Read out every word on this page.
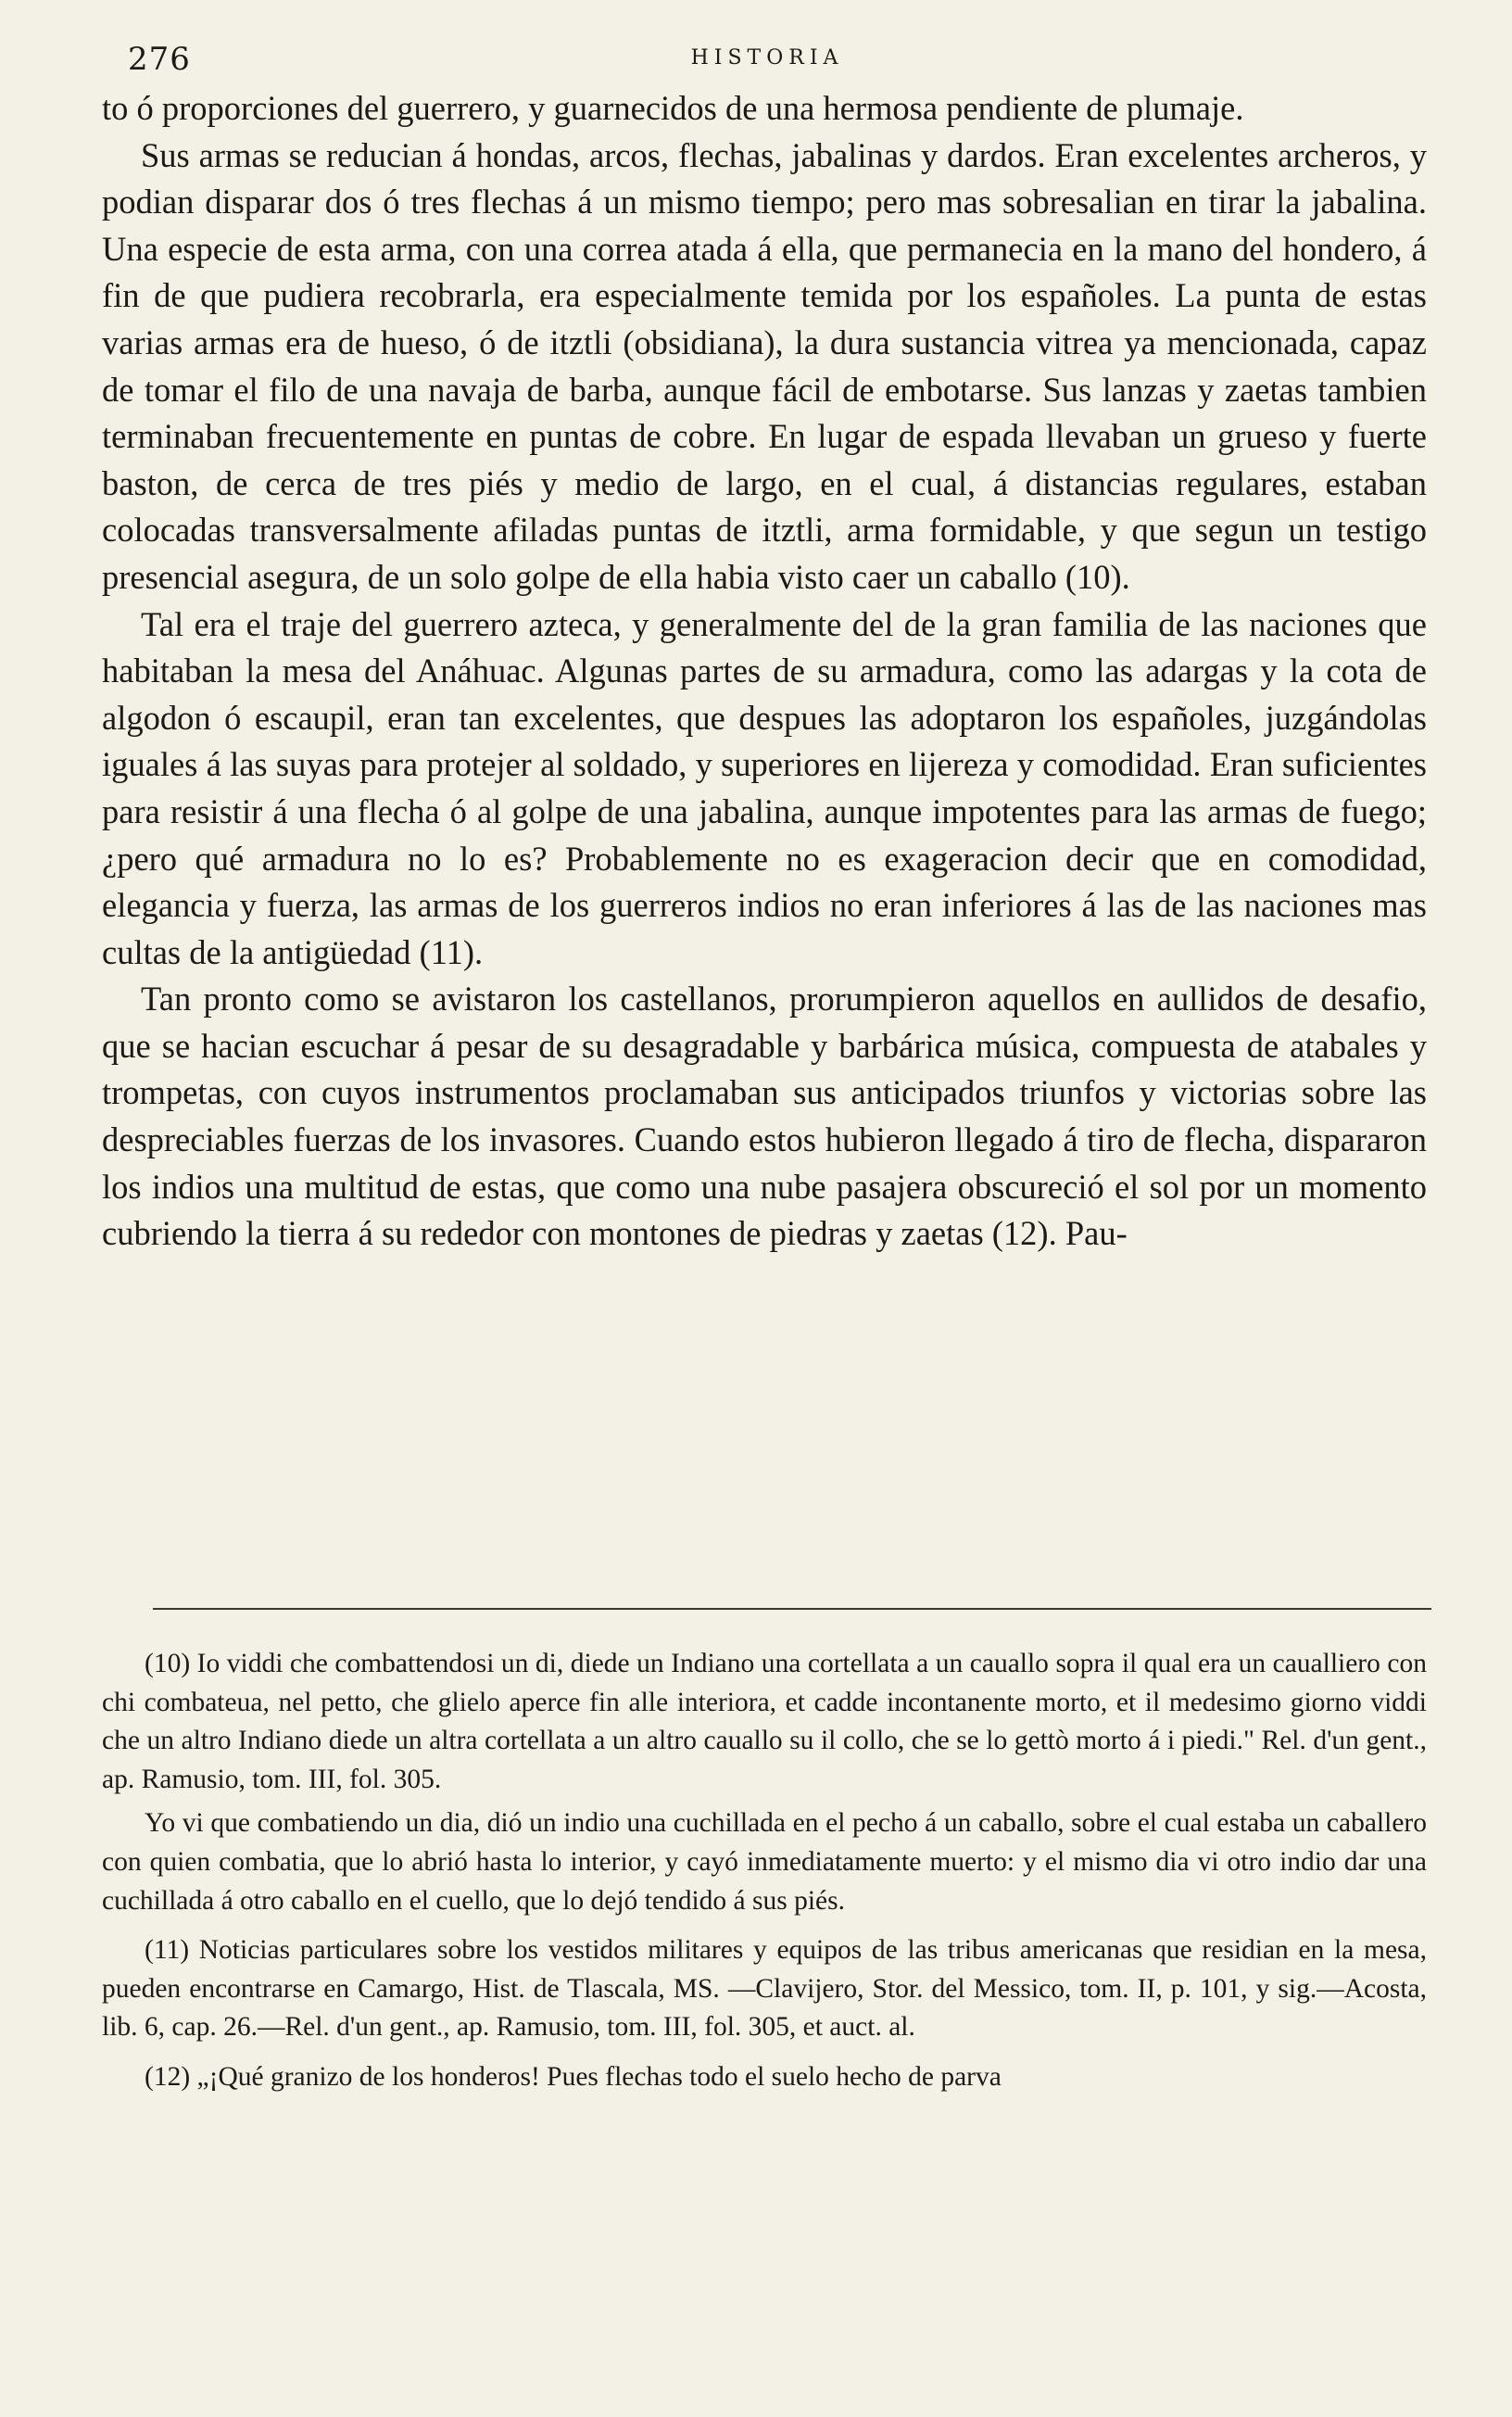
276	HISTORIA

to ó proporciones del guerrero, y guarnecidos de una hermosa pendiente de plumaje.

Sus armas se reducian á hondas, arcos, flechas, jabalinas y dardos. Eran excelentes archeros, y podian disparar dos ó tres flechas á un mismo tiempo; pero mas sobresalian en tirar la jabalina. Una especie de esta arma, con una correa atada á ella, que permanecia en la mano del hondero, á fin de que pudiera recobrarla, era especialmente temida por los españoles. La punta de estas varias armas era de hueso, ó de itztli (obsidiana), la dura sustancia vitrea ya mencionada, capaz de tomar el filo de una navaja de barba, aunque fácil de embotarse. Sus lanzas y zaetas tambien terminaban frecuentemente en puntas de cobre. En lugar de espada llevaban un grueso y fuerte baston, de cerca de tres piés y medio de largo, en el cual, á distancias regulares, estaban colocadas transversalmente afiladas puntas de itztli, arma formidable, y que segun un testigo presencial asegura, de un solo golpe de ella habia visto caer un caballo (10).

Tal era el traje del guerrero azteca, y generalmente del de la gran familia de las naciones que habitaban la mesa del Anáhuac. Algunas partes de su armadura, como las adargas y la cota de algodon ó escaupil, eran tan excelentes, que despues las adoptaron los españoles, juzgándolas iguales á las suyas para protejer al soldado, y superiores en lijereza y comodidad. Eran suficientes para resistir á una flecha ó al golpe de una jabalina, aunque impotentes para las armas de fuego; ¿pero qué armadura no lo es? Probablemente no es exageracion decir que en comodidad, elegancia y fuerza, las armas de los guerreros indios no eran inferiores á las de las naciones mas cultas de la antigüedad (11).

Tan pronto como se avistaron los castellanos, prorumpieron aquellos en aullidos de desafio, que se hacian escuchar á pesar de su desagradable y barbárica música, compuesta de atabales y trompetas, con cuyos instrumentos proclamaban sus anticipados triunfos y victorias sobre las despreciables fuerzas de los invasores. Cuando estos hubieron llegado á tiro de flecha, dispararon los indios una multitud de estas, que como una nube pasajera obscureció el sol por un momento cubriendo la tierra á su rededor con montones de piedras y zaetas (12). Pau-

(10) Io viddi che combattendosi un di, diede un Indiano una cortellata a un cauallo sopra il qual era un caualliero con chi combateua, nel petto, che glielo aperce fin alle interiora, et cadde incontanente morto, et il medesimo giorno viddi che un altro Indiano diede un altra cortellata a un altro cauallo su il collo, che se lo gettò morto á i piedi." Rel. d'un gent., ap. Ramusio, tom. III, fol. 305.

Yo vi que combatiendo un dia, dió un indio una cuchillada en el pecho á un caballo, sobre el cual estaba un caballero con quien combatia, que lo abrió hasta lo interior, y cayó inmediatamente muerto: y el mismo dia vi otro indio dar una cuchillada á otro caballo en el cuello, que lo dejó tendido á sus piés.

(11) Noticias particulares sobre los vestidos militares y equipos de las tribus americanas que residian en la mesa, pueden encontrarse en Camargo, Hist. de Tlascala, MS. —Clavijero, Stor. del Messico, tom. II, p. 101, y sig.—Acosta, lib. 6, cap. 26.—Rel. d'un gent., ap. Ramusio, tom. III, fol. 305, et auct. al.

(12) „¡Qué granizo de los honderos! Pues flechas todo el suelo hecho de parva
